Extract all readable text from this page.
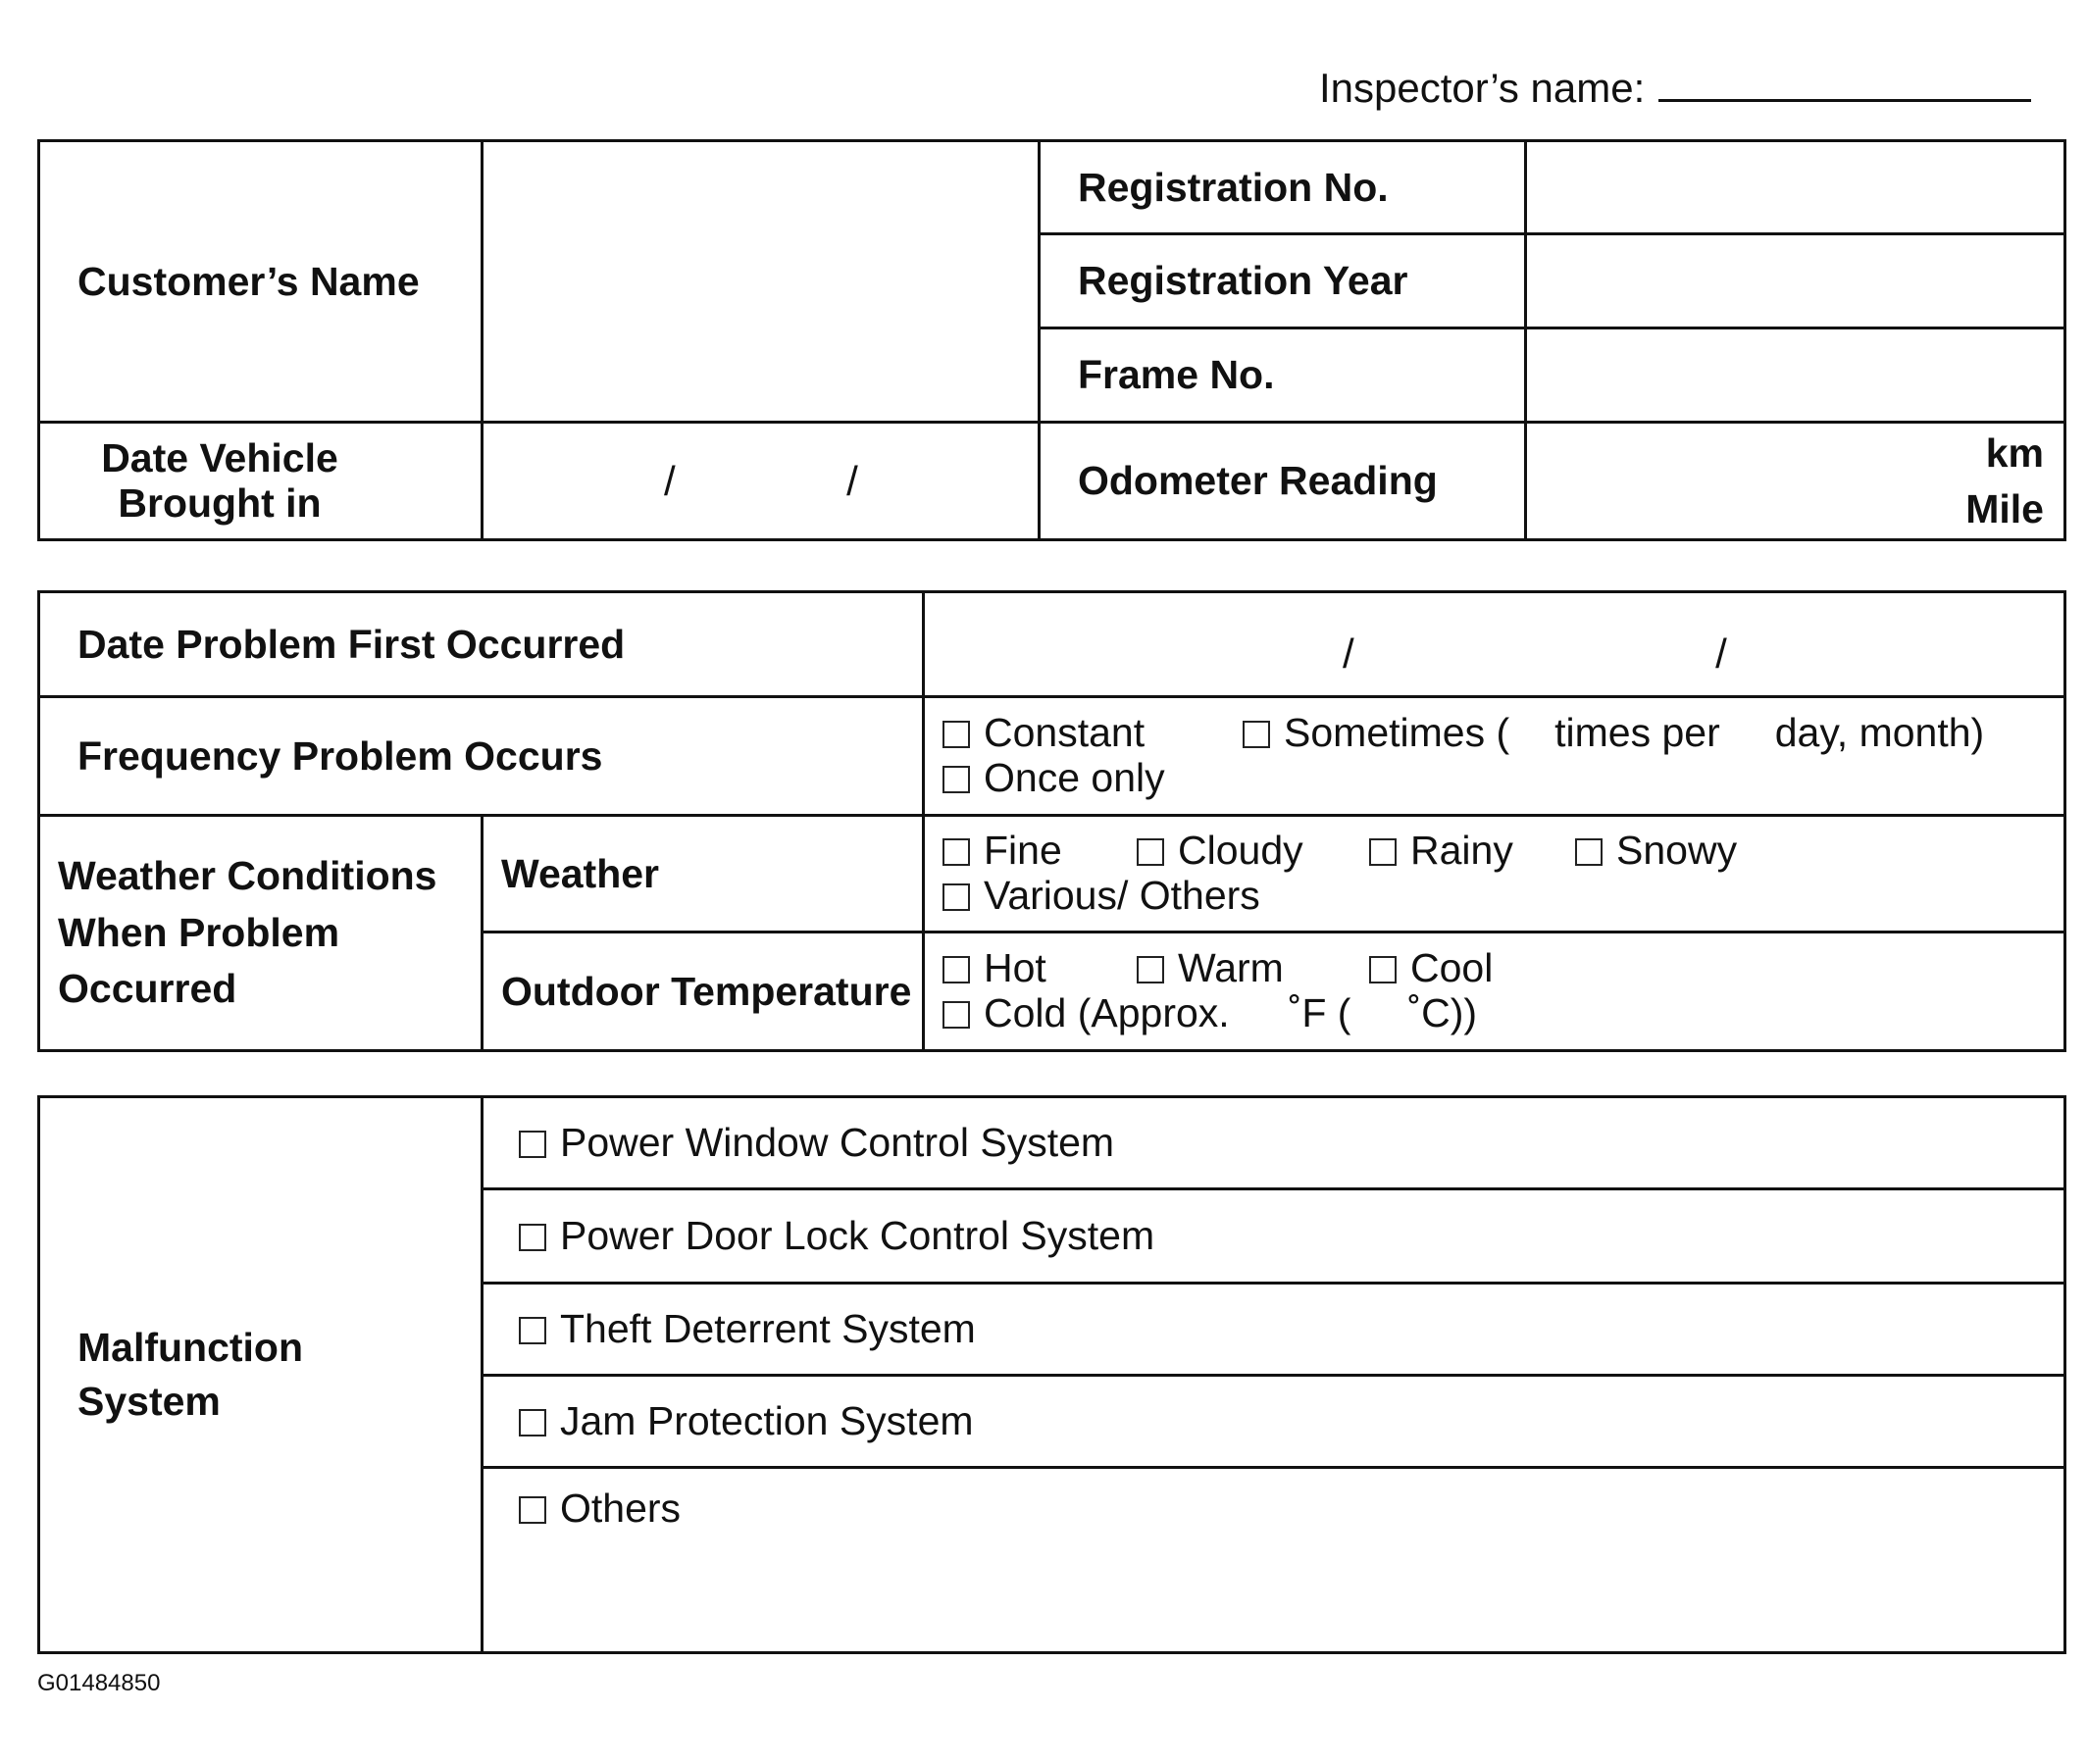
Inspector’s name:
Customer’s Name		Registration No.	
		Registration Year	
		Frame No.	

Date Vehicle Brought in	/ /	Odometer Reading	km
Mile
Date Problem First Occurred		/ /
Frequency Problem Occurs		Constant Sometimes ( times per day, month)
Once only

Weather Conditions When Problem Occurred	Weather	Fine Cloudy Rainy Snowy
Various/ Others

	Outdoor Temperature	Hot Warm Cool
Cold (Approx. ˚F ( ˚C))
Malfunction System
	Power Window Control System
Power Door Lock Control System
Theft Deterrent System
Jam Protection System
Others
G01484850
